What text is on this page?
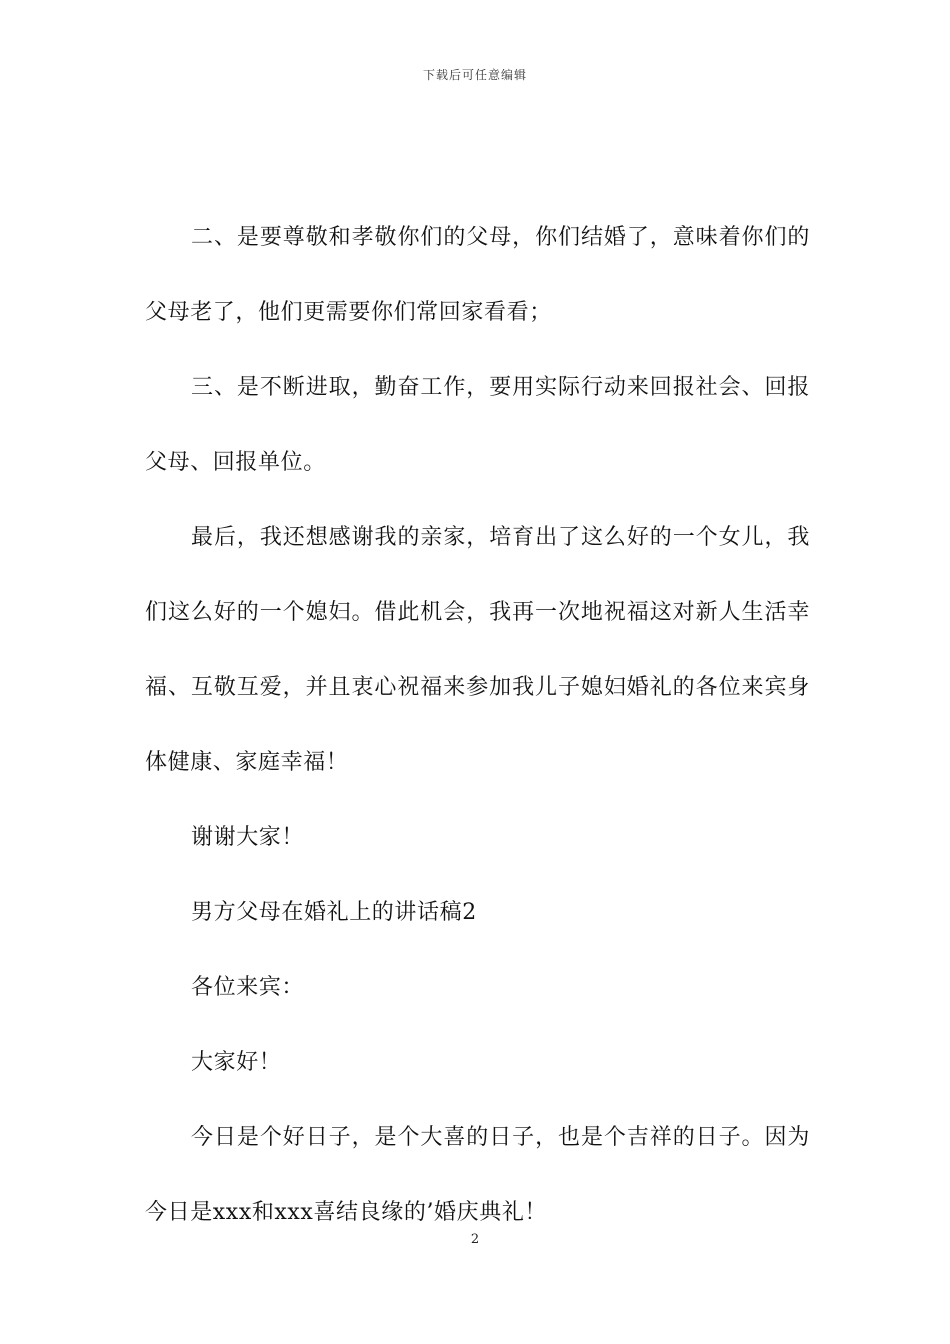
下载后可任意编辑

二、是要尊敬和孝敬你们的父母，你们结婚了，意味着你们的父母老了，他们更需要你们常回家看看；

三、是不断进取，勤奋工作，要用实际行动来回报社会、回报父母、回报单位。

最后，我还想感谢我的亲家，培育出了这么好的一个女儿，我们这么好的一个媳妇。借此机会，我再一次地祝福这对新人生活幸福、互敬互爱，并且衷心祝福来参加我儿子媳妇婚礼的各位来宾身体健康、家庭幸福！

谢谢大家！

男方父母在婚礼上的讲话稿2

各位来宾：

大家好！

今日是个好日子，是个大喜的日子，也是个吉祥的日子。因为今日是xxx和xxx喜结良缘的’婚庆典礼！

2
